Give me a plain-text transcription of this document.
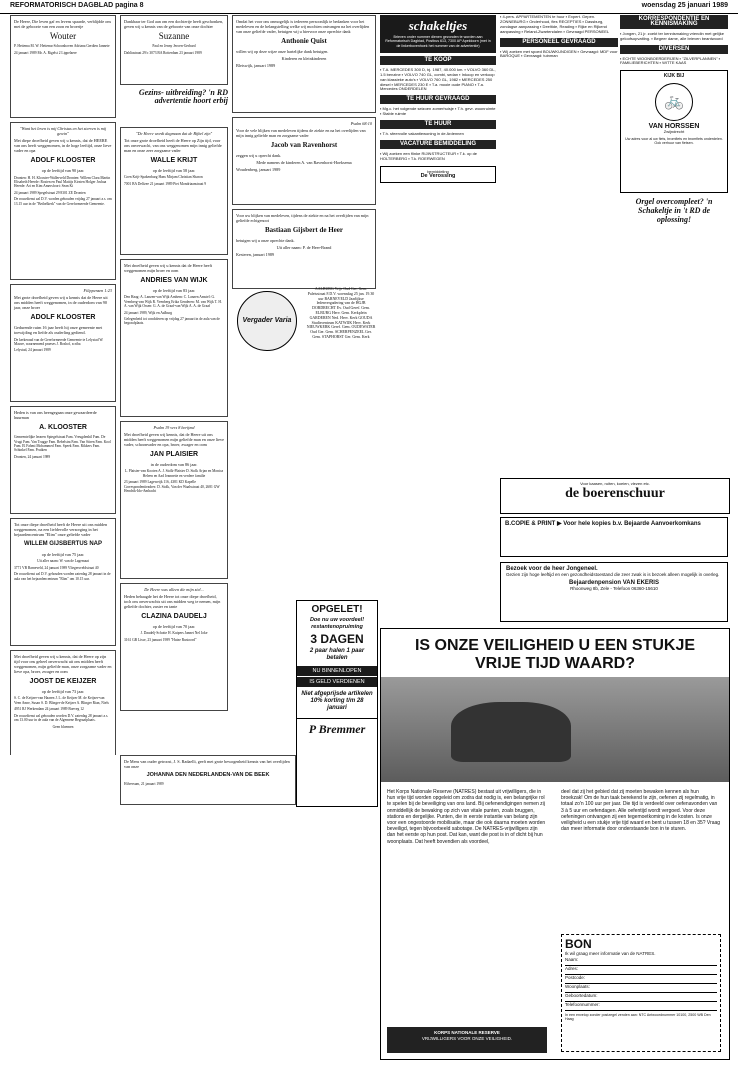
REFORMATORISCH DAGBLAD pagina 8	woensdag 25 januari 1989

De Heere, Die leven gaf en levens spaarde, verblijdde ons met de geboorte van een zoon en broertje

Wouter

P. Hettema M. W. Hettema-Schoonhoven Adriana Gerdien Jannete

24 januari 1989 Mr. A. Rigelst 2 Lippelaere

"Want het leven is mij Christus en het sterven is mij gewin"

Met diepe droefheid geven wij u kennis, dat de HEERE van ons heeft weggenomen, in de hoge leeftijd, onze lieve vader en opa

ADOLF KLOOSTER

op de leeftijd van 90 jaar.

Dronten: H. H. Klooster-Wallerveld Dronten: Willem Clara Martin Elisabeth Heerde: Rosien en Paul Mattijs Kirsten Holger Joshua Heerde: Ari en Kim Amersfoort: Sean Ki

24 januari 1989 Spegelstraat 29 8301 ZE Dronten

De rouwdienst zal D.V. worden gehouden vrijdag 27 januari a.s. om 13.15 uur in de "Bethelkerk" van de Gereformeerde Gemeente.

Filippenzen 1:23

Met grote droefheid geven wij u kennis dat de Heere uit ons midden heeft weggenomen, in de ouderdom van 90 jaar, onze broer

ADOLF KLOOSTER

Gedurende ruim 16 jaar heeft hij onze gemeente met toewijding en liefde als ouderling gediend.

De kerkeraad van de Gereformeerde Gemeente te Lelystad W. Mauve, waarnemend praeses J. Boshof, scriba

Lelystad, 24 januari 1989

Heden is van ons heengegaan onze gewaardeerde huurman

A. KLOOSTER

Gemeentelijke leraren Spiegelstraat Fam. Vreugdenhil Fam. De Vrugt Fam. Van Trugge Fam. Rebelstra Fam. Van Stiren Fam. Kool Fam. El Fahmi Mohammed Fam. Speek Fam. Rikkers Fam. Schinkel Fam. Pruiken

Dronten, 24 januari 1989

Tot onze diepe droefheid heeft de Heere uit ons midden weggenomen, na een liefdevolle verzorging in het bejaardencentrum "Elim" onze geliefde vader

WILLEM GIJSBERTUS NAP

op de leeftijd van 75 jaar.

Uit aller naam: W. van de Lagemaat

3771 VB Barneveld, 24 januari 1989 Vliegersveldstraat 40

De rouwdienst zal D.V. gehouden worden zaterdag 28 januari in de aula van het bejaardencentrum "Elim" om 10.15 uur.

Met droefheid geven wij u kennis, dat de Heere op zijn tijd voor ons geheel onverwacht uit ons midden heeft weggenomen, mijn geliefde man, onze zorgzame vader en lieve opa, broer, zwager en oom

JOOST DE KEIJZER

op de leeftijd van 73 jaar.

S. C. de Keijzer-van Haaren J. L. de Keijzer M. de Keijzer-van Veen Anne, Susan S. D. Blinger-de Keijzer A. Blinger Rian, Niels

4951 RJ Werkendam 24 januari 1989 Boeveg 12

De rouwdienst zal gehouden worden D.V. zaterdag 28 januari a.s. om 13.00 uur in de aula van de Algemene Begraafplaats.

Geen bloemen

Dankbaar ter God aan om een dochtertje heeft geschonken, geven wij u kennis van de geboorte van onze dochter

Suzanne

Paul en Jenny Jeroen-Gerhard

Dahliastraat 29/c 3073 BA Rotterdam 23 januari 1989

Gezins- uitbreiding? 'n RD advertentie hoort erbij

"De Heere wordt dagmaan dat de Bijbel zijn"

Tot onze grote droefheid heeft de Heere op Zijn tijd, voor ons onverwacht, van ons weggenomen mijn innig geliefde man en onze zeer zorgzame vader

WALLE KRIJT

op de leeftijd van 58 jaar.

Coen Krijt-Spakenburg Hans Mirjam Christian Sharon

7001 BA Delfzee 21 januari 1989 Piet Mondriaanstraat 9

Met droefheid geven wij u kennis dat de Heere heeft weggenomen mijn broer en oom

ANDRIES VAN WIJK

op de leeftijd van 83 jaar.

Den Haag: A. Lanzen-van Wijk Arnhem: C. Lanzen Amstel: G. Veenberg-van Wijk R. Veenberg Erika Genderen: M. van Wijk T. H. A. van Wijk Ossen: G. A. de Graaf-van Wijk A. A. de Graaf

24 januari 1989, Wijk en Aalburg

Gelegenheid tot condoleren op vrijdag 27 januari in de aula van de begraafplaats.

Psalm 19 vers 8 berijmd

Met droefheid geven wij kennis, dat de Heere uit ons midden heeft weggenomen mijn geliefde man en onze lieve vader, schoonvader en opa, broer, zwager en oom

JAN PLAISIER

in de ouderdom van 86 jaar.

L. Plaisier-van Kooten A. J. Stolk-Plaisier D. Stolk Arjan en Monica Heleen en Aad Jeannette en verdere familie

23 januari 1989 Lageweijk 116, 4381 KD Kapelle Correspondentieadres: D. Stolk, Van der Waalsstraat 40, 2681 GW Hendrik-Ido-Ambacht

De Heere was alleen die mijn ziel...

Heden behaagde het de Heere tot onze diepe droefheid, toch ons onverwachts uit ons midden weg te nemen, mijn geliefde dochter, zuster en tante

CLAZINA DAUDELJ

op de leeftijd van 70 jaar.

J. Daudelj-Schotte H. Kuipers Jannet Nel Joke

3161 GB Lisse, 23 januari 1989 "Huize Rustoord"

De Mens van ouder getroost, J. S. Radaelli, geeft met grote bewogenheid kennis van het overlijden van onze

JOHANNA DEN NEDERLANDEN-VAN DE BEEK

Hilversum, 21 januari 1989

Omdat het voor ons onmogelijk is iedereen persoonlijk te bedanken voor het medeleven en de belangstelling welke wij mochten ontvangen na het overlijden van onze geliefde vader, betuigen wij u hiervoor onze oprechte dank

Anthonie Quist

willen wij op deze wijze onze hartelijke dank betuigen.

Kinderen en kleinkinderen

Bleiswijk, januari 1989

Psalm 68:10

Voor de vele blijken van medeleven tijdens de ziekte en na het overlijden van mijn innig geliefde man en zorgzame vader

Jacob van Ravenhorst

zeggen wij u oprecht dank.

Mede namens de kinderen A. van Ravenhorst-Hoeksema

Woudenberg, januari 1989

Voor uw blijken van medeleven, tijdens de ziekte en na het overlijden van mijn geliefde echtgenoot

Bastiaan Gijsbert de Heer

betuigen wij u onze oprechte dank.

Uit aller naam: P. de Heer-Brand

Kesteren, januari 1989

Vergader Varia

AALBURG Vrije Oud Ger. Gem. Paleisstraat 8 D.V. woensdag 25 jan. 19.30 uur BARNEVELD Jaarlijkse ledenvergadering van de HGJB DORDRECHT Ev. Oud Geref. Gem. ELBURG Herv. Gem. Kerkplein GARDEREN Ned. Herv. Kerk GOUDA Studiecentrum KATWIJK Herv. Kerk NIEUWKERK Geref. Gem. OUDEWATER Oud Ger. Gem. SCHERPENZEEL Ger. Gem. STAPHORST Ger. Gem. Kerk

OPGELET!
Doe nu uw voordeel! restantenopruiming
3 DAGEN
2 paar halen 1 paar betalen
NU BINNENLOPEN
IS GELD VERDIENEN
Niet afgeprijsde artikelen 10% korting t/m 28 januari
P Bremmer
schakeltjes
Brieven onder nummer dienen gezonden te worden aan Reformatorisch Dagblad, Postbus 613, 7300 AP Apeldoorn (met in de linkerbovenhoek het nummer van de advertentie)
TE KOOP

▪ T.A. MERCEDES 300 D, bj. 1987, 40.000 km. ▪ VOLVO 360 DL, 1.5 benzine ▪ VOLVO 740 GL, combi, sedan ▪ Inkoop en verkoop van klassieke auto's ▪ VOLVO 760 GL, 1982 ▪ MERCEDES 250 diesel ▪ MERCEDES 230 E ▪ T.a. mooie oude PIANO ▪ T.a. Mercedes ONDERDELEN

TE HUUR GEVRAAGD

▪ Mg.c. het volgende seizoen zomerhuisje ▪ T.h. gevr. woonruimte ▪ Stable ruimte

TE HUUR

▪ T.h. sfeervolle vakantiewoning in de Ardennen

VACATURE BEMIDDELING

▪ Wij zoeken een flinke RIJINSTRUCTEUR ▪ T.k. op de HOLTERBERG ▪ T.k. ROERWEGEN

bemiddeling
De Verossing

▪ 4-pers. APPARTEMENTEN te huur ▪ Expert. Gepen. ZONNEBURG ▪ Onderhoud, fles RECEPTIES ▪ Dassburg, zondagse aanpassing ▪ Deeltide, Reading ▪ Rijke en Rijkend aanpassing ▪ Reland-Zwartendalen ▪ Gevraagd PERSONEEL

PERSONEEL GEVRAAGD

▪ Wij zoeken met spoed BOUWKUNDIGEN ▪ Gevraagd: MDF voor BAROQUE ▪ Gevraagd: tuinman

KORRESPONDENTIE EN KENNISMAKING

▪ Jongen, 21 jr. zoekt ter kennismaking vriendin met gelijke geloofsopvatting. ▪ Begeer dame, alle brieven beantwoord

DIVERSEN

▪ ECHTE WOONBOERDERIJEN ▪ "ZILVERPLANNEN" ▪ FAMILIEBERICHTEN ▪ WITTE KAAS

KIJK BIJ
🚲
VAN HORSSEN
Zwijndrecht
Uw adres voor al uw fiets, bromfiets en bromfiets onderdelen. Ook verhuur van fietsen.
Orgel overcompleet? 'n Schakeltje in 't RD de oplossing!
Voor kaasen, ruiten, koeien, vlezen etc.
de boerenschuur
B.COPIE & PRINT ▶ Voor hele kopies b.v. Bejaarde Aanvoerkomkans
Bezoek voor de heer Jongeneel.
Gezien zijn hoge leeftijd en een gezondheidstoestand die zeer zwak is is bezoek alleen mogelijk in overleg.
Bejaardenpension VAN EKERIS
Rhoonweg 8b, Zele - Telefoon 06360-15610
IS ONZE VEILIGHEID U EEN STUKJE VRIJE TIJD WAARD?
Het Korps Nationale Reserve (NATRES) bestaat uit vrijwilligers, die in hun vrije tijd worden opgeleid om zodra dat nodig is, een belangrijke rol te spelen bij de beveiliging van ons land. Bij oefenendigingen nemen zij onmiddellijk de bewaking op zich van vitale punten, zoals bruggen, stations en dergelijke. Punten, die in eerste instantie van belang zijn voor een ongestoorde mobilisatie, maar die ook daarna moeten worden beveiligd, tegen bijvoorbeeld sabotage. De NATRES-vrijwilligers zijn dan het eerste op hun post. Dat kan, want die post is in of dicht bij hun woonplaats. Dat heeft bovendien als voordeel,
deel dat zij het gebied dat zij moeten bewaken kennen als hun broekzak! Om de hun taak berekend te zijn, oefenen zij regelmatig, in totaal zo'n 100 uur per jaar. Die tijd is verdeeld over oefenavonden van 3 à 5 uur en oefendagen. Alle oefentijd wordt vergoed. Voor deze oefeningen ontvangen zij een tegemoetkoming in de kosten. Is onze veiligheid u een stukje vrije tijd waard en bent u tussen 18 en 35? Vraag dan meer informatie door onderstaande bon in te sturen.
KORPS NATIONALE RESERVE
VRIJWILLIGERS VOOR ONZE VEILIGHEID.
BON
Ik wil graag meer informatie van de NATRES.
Naam:
Adres:
Postcode:
Woonplaats:
Geboortedatum:
Telefoonnummer:
In een envelop zonder postzegel zenden aan: NTC Antwoordnummer 10100, 2500 WB Den Haag
